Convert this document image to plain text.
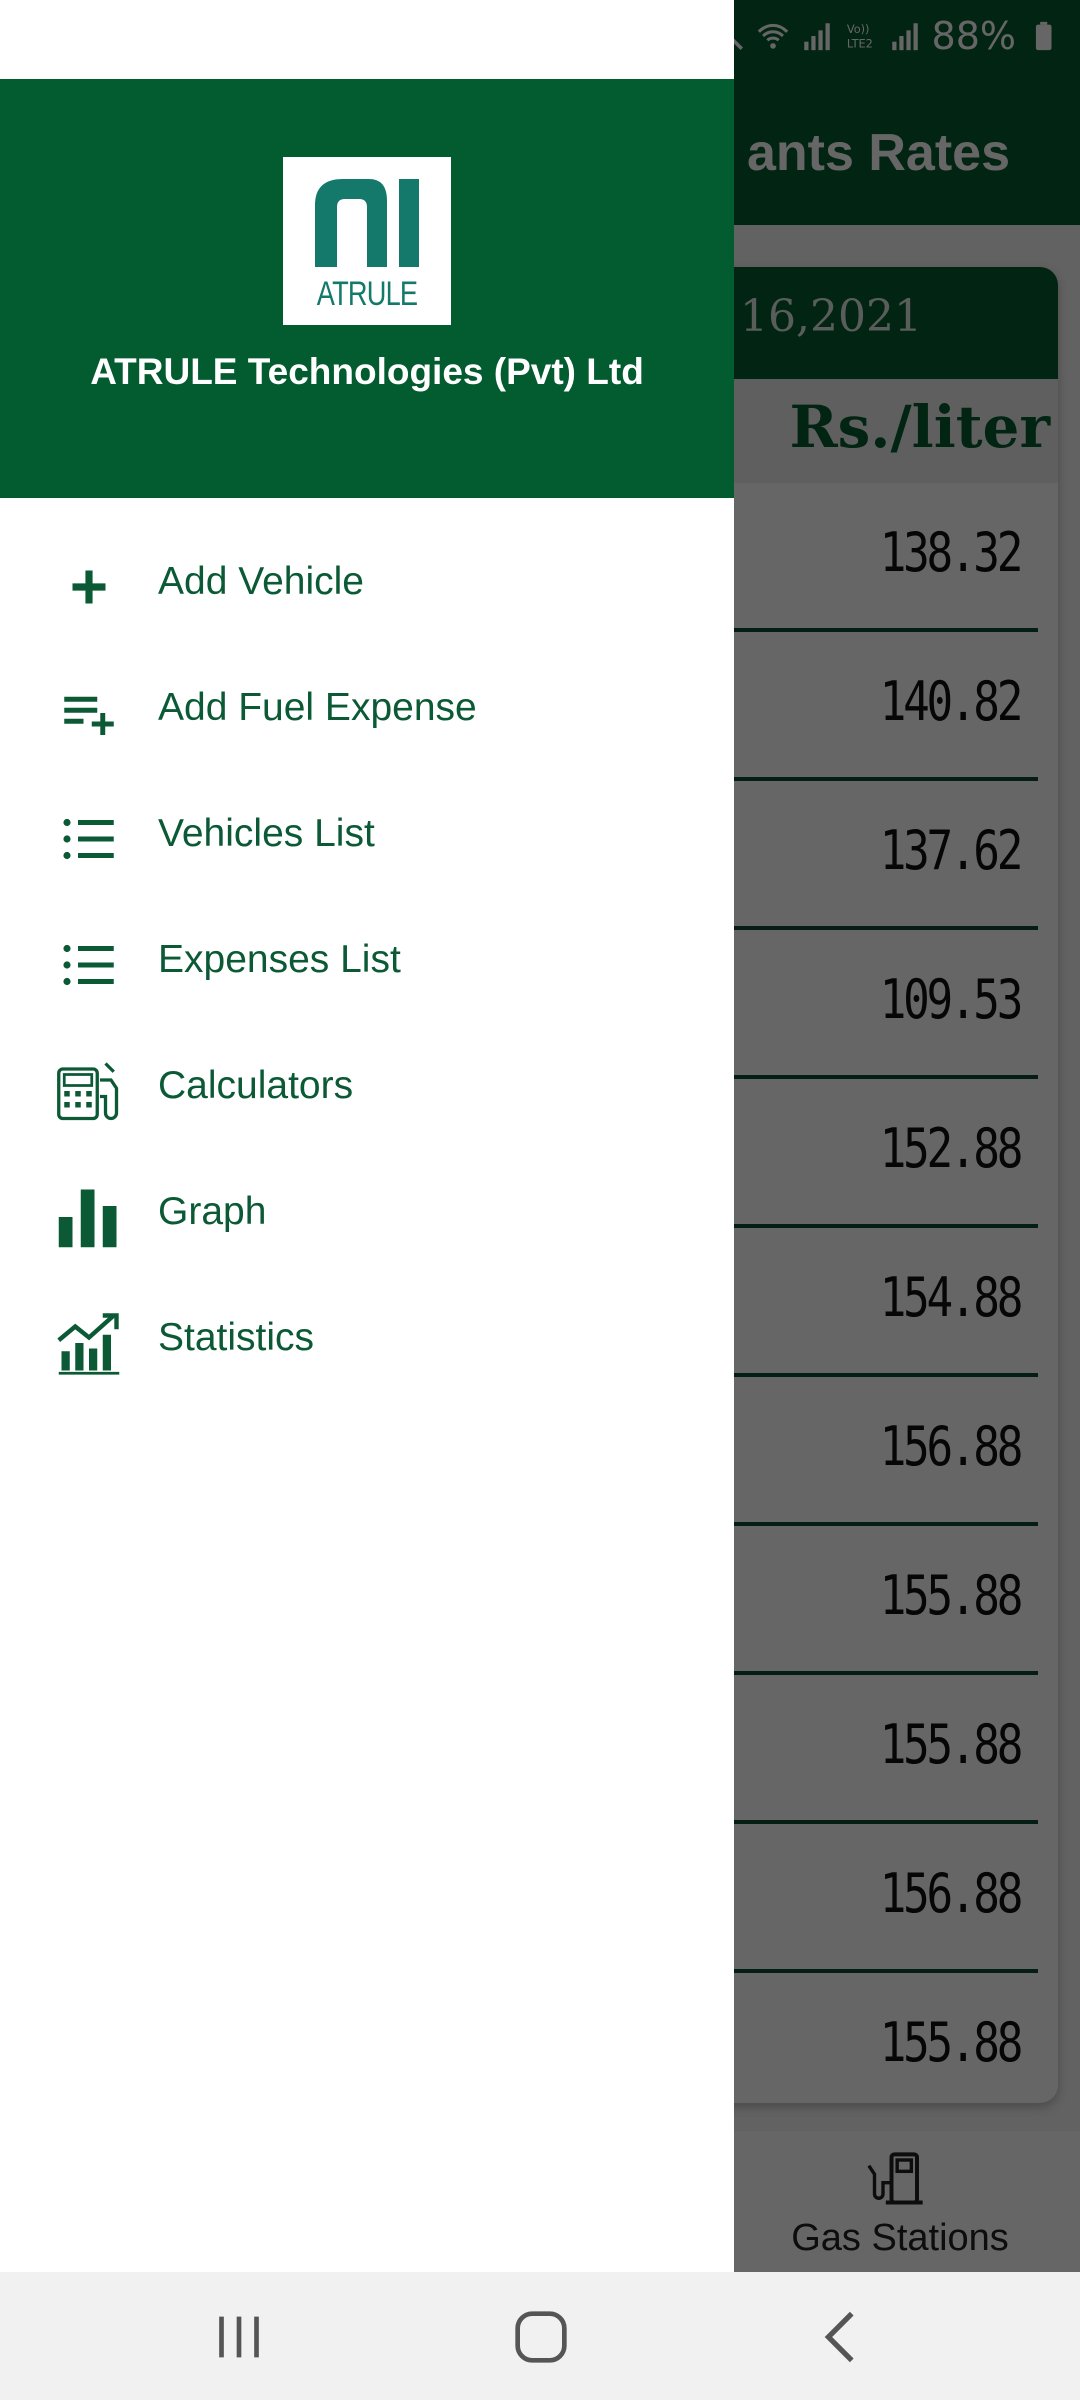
ATRULE
ATRULE Technologies (Pvt) Ltd
Add Vehicle
Add Fuel Expense
Vehicles List
Expenses List
Calculators
Graph
Statistics
